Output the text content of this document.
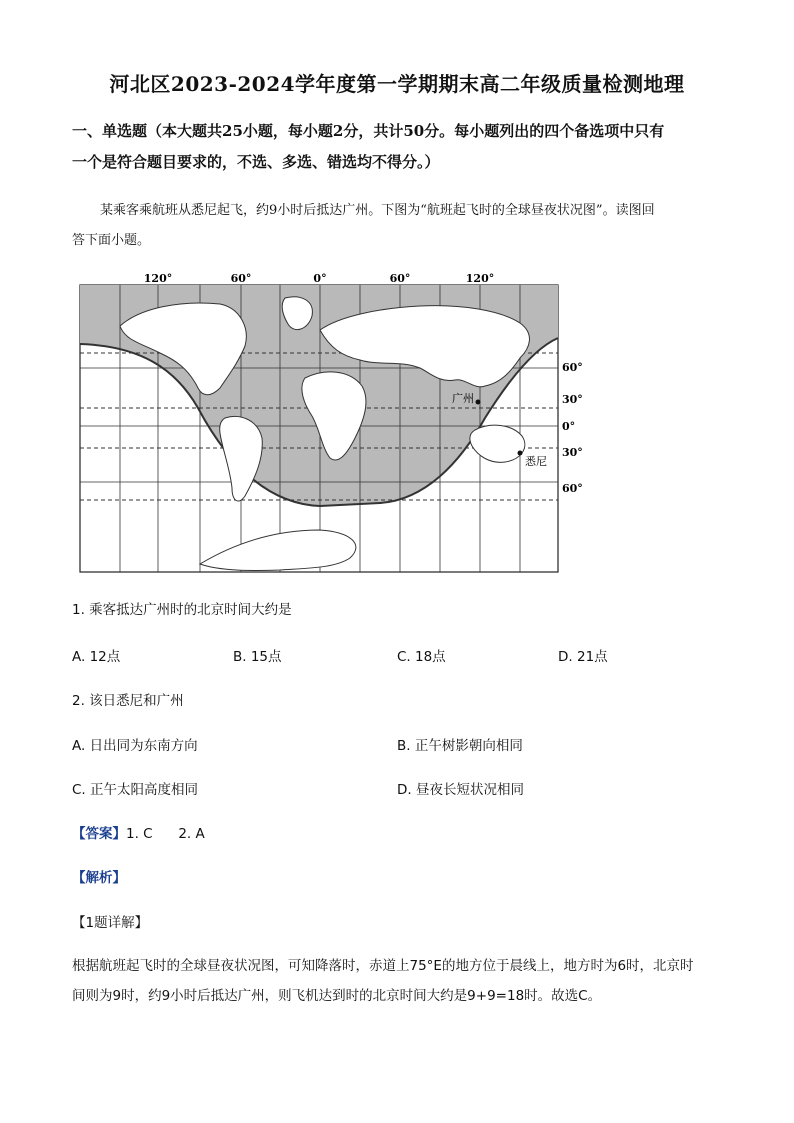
河北区2023-2024学年度第一学期期末高二年级质量检测地理
一、单选题（本大题共25小题，每小题2分，共计50分。每小题列出的四个备选项中只有
一个是符合题目要求的，不选、多选、错选均不得分。）
某乘客乘航班从悉尼起飞，约9小时后抵达广州。下图为“航班起飞时的全球昼夜状况图”。读图回
答下面小题。
120°	60°	0°	60°	120°
广州
悉尼
60°
30°
0°
30°
60°
1. 乘客抵达广州时的北京时间大约是
A. 12点	B. 15点	C. 18点	D. 21点
2. 该日悉尼和广州
A. 日出同为东南方向	B. 正午树影朝向相同
C. 正午太阳高度相同	D. 昼夜长短状况相同
【答案】1. C      2. A
【解析】
【1题详解】
根据航班起飞时的全球昼夜状况图，可知降落时，赤道上75°E的地方位于晨线上，地方时为6时，北京时
间则为9时，约9小时后抵达广州，则飞机达到时的北京时间大约是9+9=18时。故选C。
